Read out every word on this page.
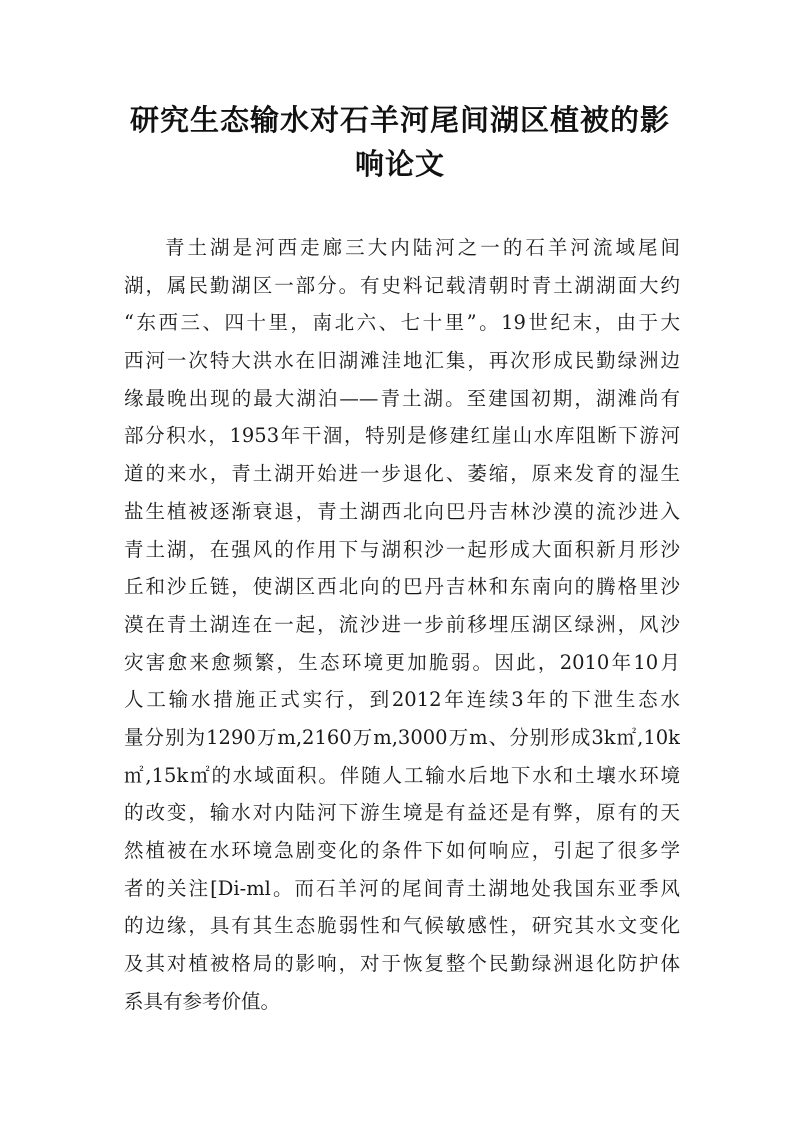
研究生态输水对石羊河尾间湖区植被的影
响论文
青土湖是河西走廊三大内陆河之一的石羊河流域尾间
湖，属民勤湖区一部分。有史料记载清朝时青土湖湖面大约
“东西三、四十里，南北六、七十里”。19世纪末，由于大
西河一次特大洪水在旧湖滩洼地汇集，再次形成民勤绿洲边
缘最晚出现的最大湖泊——青土湖。至建国初期，湖滩尚有
部分积水，1953年干涸，特别是修建红崖山水库阻断下游河
道的来水，青土湖开始进一步退化、萎缩，原来发育的湿生
盐生植被逐渐衰退，青土湖西北向巴丹吉林沙漠的流沙进入
青土湖，在强风的作用下与湖积沙一起形成大面积新月形沙
丘和沙丘链，使湖区西北向的巴丹吉林和东南向的腾格里沙
漠在青土湖连在一起，流沙进一步前移埋压湖区绿洲，风沙
灾害愈来愈频繁，生态环境更加脆弱。因此，2010年10月
人工输水措施正式实行，到2012年连续3年的下泄生态水
量分别为1290万m,2160万m,3000万m、分别形成3k㎡,10k
㎡,15k㎡的水域面积。伴随人工输水后地下水和土壤水环境
的改变，输水对内陆河下游生境是有益还是有弊，原有的天
然植被在水环境急剧变化的条件下如何响应，引起了很多学
者的关注[Di-ml。而石羊河的尾间青土湖地处我国东亚季风
的边缘，具有其生态脆弱性和气候敏感性，研究其水文变化
及其对植被格局的影响，对于恢复整个民勤绿洲退化防护体
系具有参考价值。
